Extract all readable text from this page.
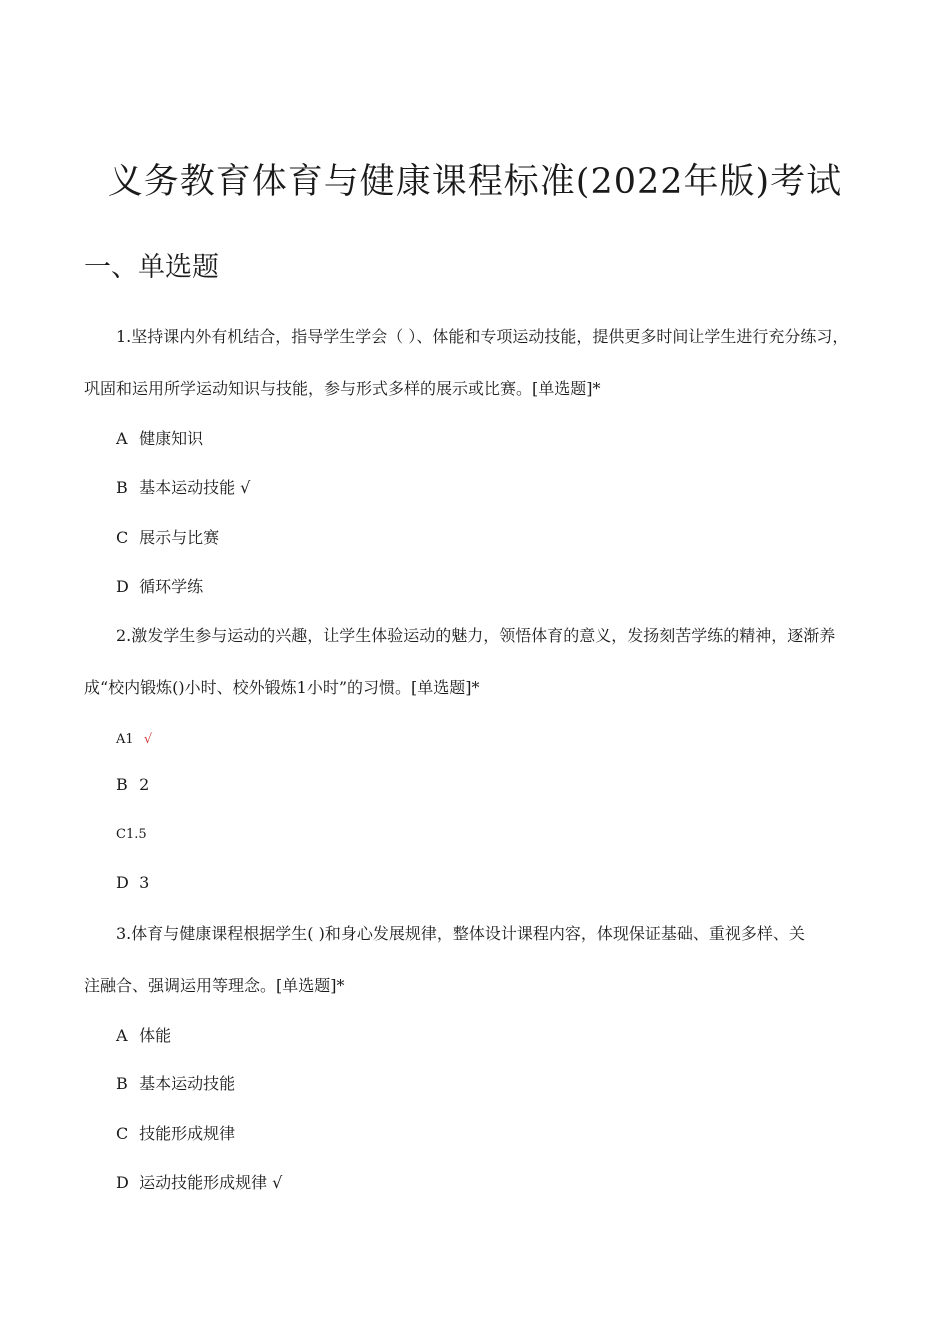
义务教育体育与健康课程标准(2022年版)考试
一、单选题
1.坚持课内外有机结合，指导学生学会（ ）、体能和专项运动技能，提供更多时间让学生进行充分练习，
巩固和运用所学运动知识与技能，参与形式多样的展示或比赛。[单选题]*
A 健康知识
B 基本运动技能 √
C 展示与比赛
D 循环学练
2.激发学生参与运动的兴趣，让学生体验运动的魅力，领悟体育的意义，发扬刻苦学练的精神，逐渐养
成“校内锻炼()小时、校外锻炼1小时”的习惯。[单选题]*
A1 √
B 2
C1.5
D 3
3.体育与健康课程根据学生( )和身心发展规律，整体设计课程内容，体现保证基础、重视多样、关
注融合、强调运用等理念。[单选题]*
A 体能
B 基本运动技能
C 技能形成规律
D 运动技能形成规律 √
